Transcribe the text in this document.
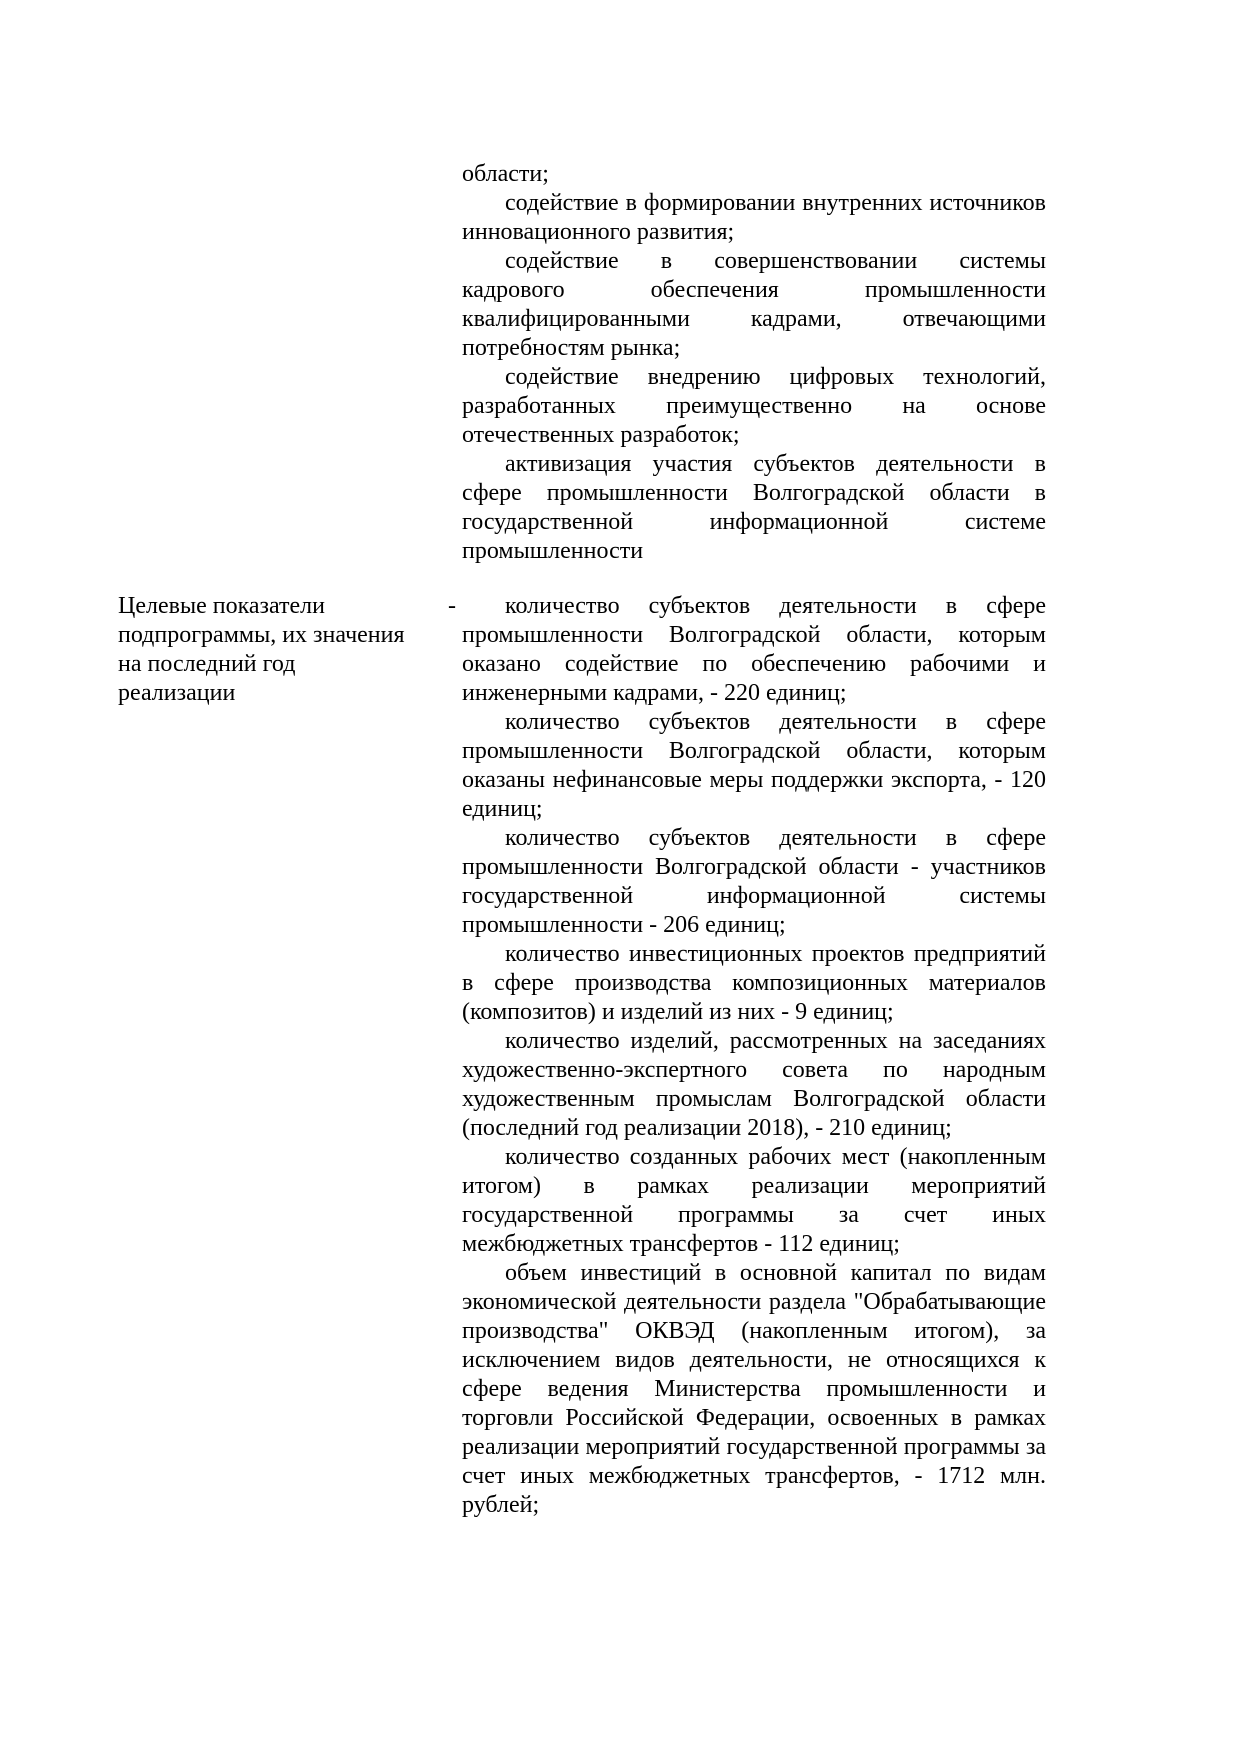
области;

содействие в формировании внутренних источников инновационного развития;

содействие в совершенствовании системы кадрового обеспечения промышленности квалифицированными кадрами, отвечающими потребностям рынка;

содействие внедрению цифровых технологий, разработанных преимущественно на основе отечественных разработок;

активизация участия субъектов деятельности в сфере промышленности Волгоградской области в государственной информационной системе промышленности

Целевые показатели
подпрограммы, их значения
на последний год
реализации
-	количество субъектов деятельности в сфере промышленности Волгоградской области, которым оказано содействие по обеспечению рабочими и инженерными кадрами, - 220 единиц;

количество субъектов деятельности в сфере промышленности Волгоградской области, которым оказаны нефинансовые меры поддержки экспорта, - 120 единиц;

количество субъектов деятельности в сфере промышленности Волгоградской области - участников государственной информационной системы промышленности - 206 единиц;

количество инвестиционных проектов предприятий в сфере производства композиционных материалов (композитов) и изделий из них - 9 единиц;

количество изделий, рассмотренных на заседаниях художественно-экспертного совета по народным художественным промыслам Волгоградской области (последний год реализации 2018), - 210 единиц;

количество созданных рабочих мест (накопленным итогом) в рамках реализации мероприятий государственной программы за счет иных межбюджетных трансфертов - 112 единиц;

объем инвестиций в основной капитал по видам экономической деятельности раздела "Обрабатывающие производства" ОКВЭД (накопленным итогом), за исключением видов деятельности, не относящихся к сфере ведения Министерства промышленности и торговли Российской Федерации, освоенных в рамках реализации мероприятий государственной программы за счет иных межбюджетных трансфертов, - 1712 млн. рублей;
